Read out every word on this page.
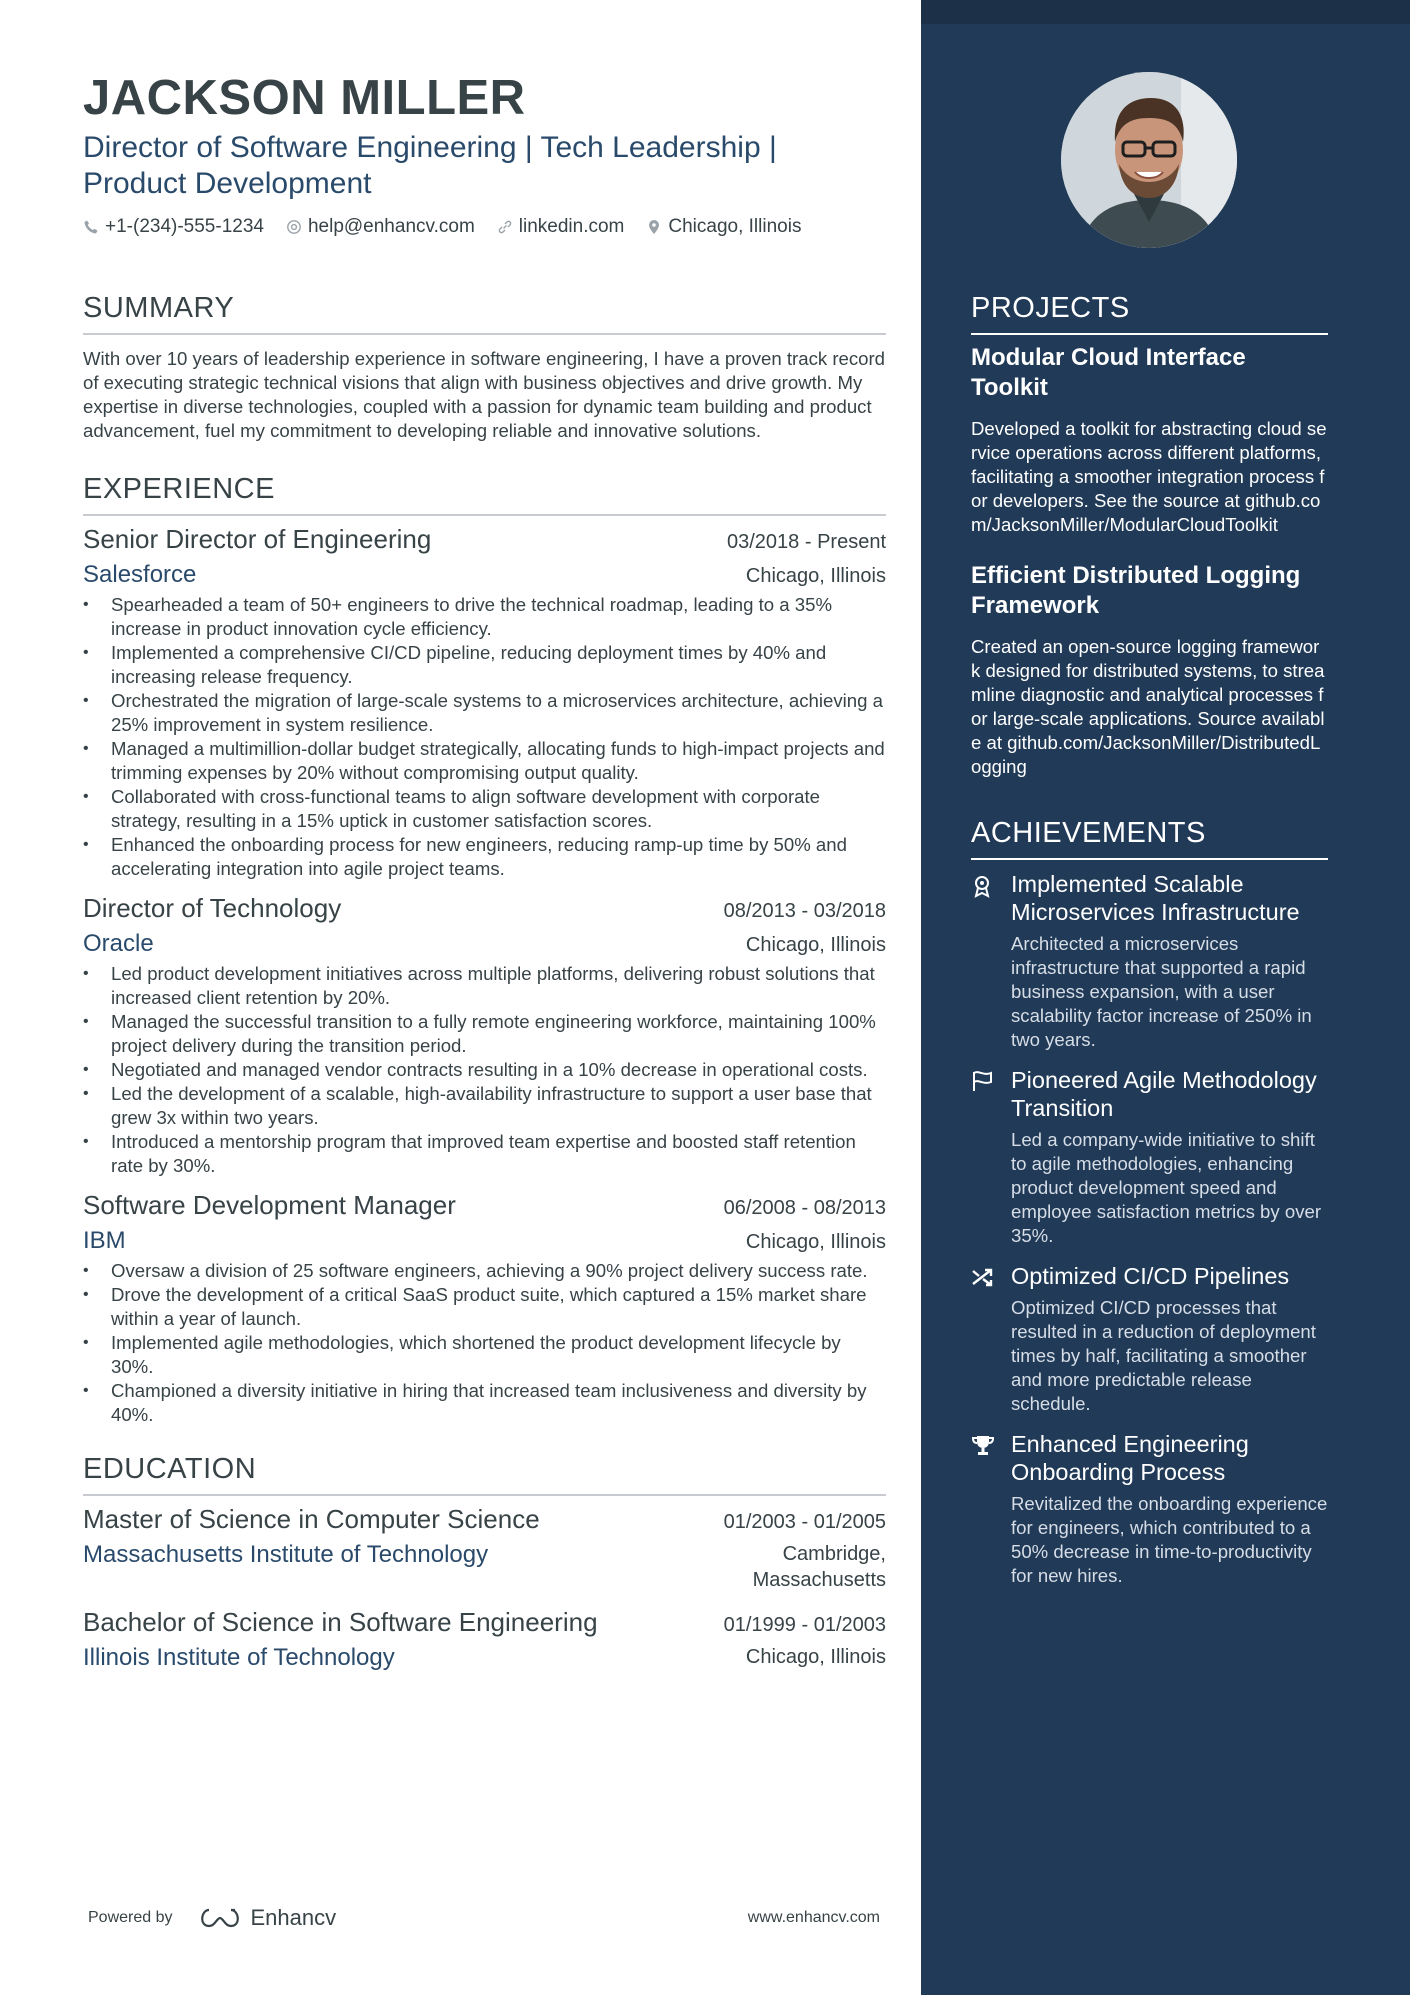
JACKSON MILLER
Director of Software Engineering | Tech Leadership | Product Development
+1-(234)-555-1234 help@enhancv.com linkedin.com Chicago, Illinois
SUMMARY
With over 10 years of leadership experience in software engineering, I have a proven track record of executing strategic technical visions that align with business objectives and drive growth. My expertise in diverse technologies, coupled with a passion for dynamic team building and product advancement, fuel my commitment to developing reliable and innovative solutions.
EXPERIENCE
Senior Director of Engineering	03/2018 - Present
Salesforce	Chicago, Illinois
• Spearheaded a team of 50+ engineers to drive the technical roadmap, leading to a 35% increase in product innovation cycle efficiency.
• Implemented a comprehensive CI/CD pipeline, reducing deployment times by 40% and increasing release frequency.
• Orchestrated the migration of large-scale systems to a microservices architecture, achieving a 25% improvement in system resilience.
• Managed a multimillion-dollar budget strategically, allocating funds to high-impact projects and trimming expenses by 20% without compromising output quality.
• Collaborated with cross-functional teams to align software development with corporate strategy, resulting in a 15% uptick in customer satisfaction scores.
• Enhanced the onboarding process for new engineers, reducing ramp-up time by 50% and accelerating integration into agile project teams.
Director of Technology	08/2013 - 03/2018
Oracle	Chicago, Illinois
• Led product development initiatives across multiple platforms, delivering robust solutions that increased client retention by 20%.
• Managed the successful transition to a fully remote engineering workforce, maintaining 100% project delivery during the transition period.
• Negotiated and managed vendor contracts resulting in a 10% decrease in operational costs.
• Led the development of a scalable, high-availability infrastructure to support a user base that grew 3x within two years.
• Introduced a mentorship program that improved team expertise and boosted staff retention rate by 30%.
Software Development Manager	06/2008 - 08/2013
IBM	Chicago, Illinois
• Oversaw a division of 25 software engineers, achieving a 90% project delivery success rate.
• Drove the development of a critical SaaS product suite, which captured a 15% market share within a year of launch.
• Implemented agile methodologies, which shortened the product development lifecycle by 30%.
• Championed a diversity initiative in hiring that increased team inclusiveness and diversity by 40%.
EDUCATION
Master of Science in Computer Science	01/2003 - 01/2005
Massachusetts Institute of Technology	Cambridge,
Massachusetts
Bachelor of Science in Software Engineering	01/1999 - 01/2003
Illinois Institute of Technology	Chicago, Illinois
Powered by	Enhancv	www.enhancv.com
PROJECTS
Modular Cloud Interface Toolkit
Developed a toolkit for abstracting cloud service operations across different platforms, facilitating a smoother integration process for developers. See the source at github.com/JacksonMiller/ModularCloudToolkit
Efficient Distributed Logging Framework
Created an open-source logging framework designed for distributed systems, to streamline diagnostic and analytical processes for large-scale applications. Source available at github.com/JacksonMiller/DistributedLogging
ACHIEVEMENTS
Implemented Scalable Microservices Infrastructure
Architected a microservices infrastructure that supported a rapid business expansion, with a user scalability factor increase of 250% in two years.
Pioneered Agile Methodology Transition
Led a company-wide initiative to shift to agile methodologies, enhancing product development speed and employee satisfaction metrics by over 35%.
Optimized CI/CD Pipelines
Optimized CI/CD processes that resulted in a reduction of deployment times by half, facilitating a smoother and more predictable release schedule.
Enhanced Engineering Onboarding Process
Revitalized the onboarding experience for engineers, which contributed to a 50% decrease in time-to-productivity for new hires.
